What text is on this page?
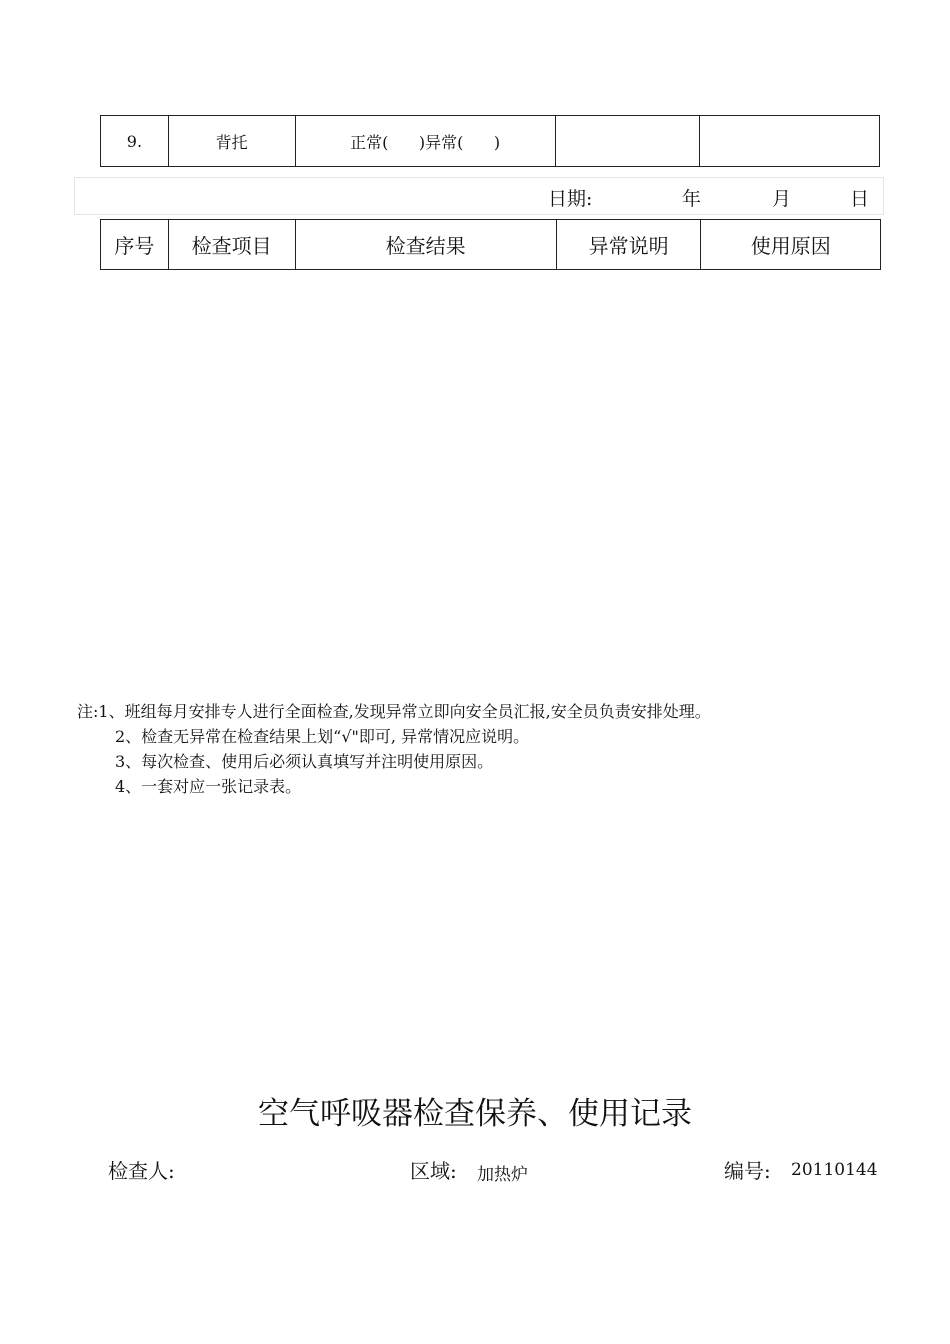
9.	背托	正常(      )异常(      )
日期:	年	月	日
序号	检查项目	检查结果	异常说明	使用原因
注:1、班组每月安排专人进行全面检查,发现异常立即向安全员汇报,安全员负责安排处理。
2、检查无异常在检查结果上划“√"即可, 异常情况应说明。
3、每次检查、使用后必须认真填写并注明使用原因。
4、一套对应一张记录表。
空气呼吸器检查保养、使用记录
检查人:	区域: 加热炉	编号: 20110144
